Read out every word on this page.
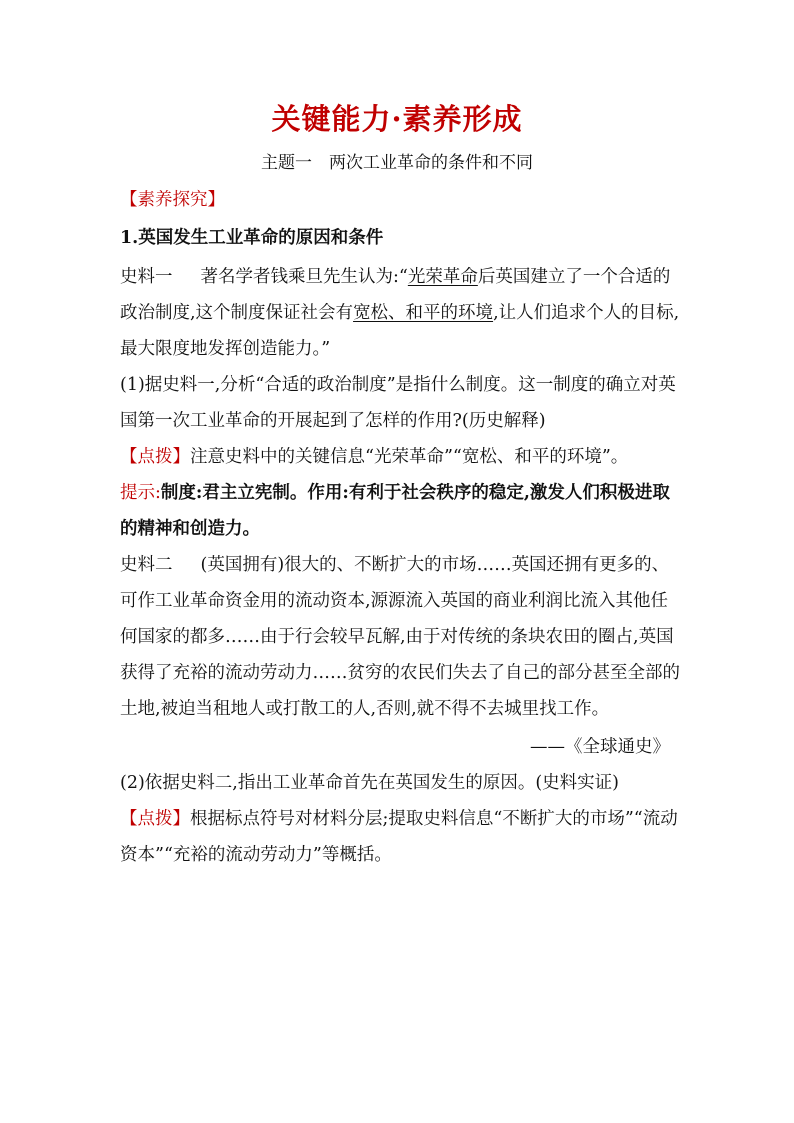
关键能力·素养形成
主题一　两次工业革命的条件和不同
【素养探究】
1.英国发生工业革命的原因和条件

史料一 著名学者钱乘旦先生认为:“光荣革命后英国建立了一个合适的政治制度,这个制度保证社会有宽松、和平的环境,让人们追求个人的目标,最大限度地发挥创造能力。”

(1)据史料一,分析“合适的政治制度”是指什么制度。这一制度的确立对英国第一次工业革命的开展起到了怎样的作用?(历史解释)

【点拨】注意史料中的关键信息“光荣革命”“宽松、和平的环境”。

提示:制度:君主立宪制。作用:有利于社会秩序的稳定,激发人们积极进取的精神和创造力。

史料二 (英国拥有)很大的、不断扩大的市场……英国还拥有更多的、可作工业革命资金用的流动资本,源源流入英国的商业利润比流入其他任何国家的都多……由于行会较早瓦解,由于对传统的条块农田的圈占,英国获得了充裕的流动劳动力……贫穷的农民们失去了自己的部分甚至全部的土地,被迫当租地人或打散工的人,否则,就不得不去城里找工作。

——《全球通史》

(2)依据史料二,指出工业革命首先在英国发生的原因。(史料实证)

【点拨】根据标点符号对材料分层;提取史料信息“不断扩大的市场”“流动资本”“充裕的流动劳动力”等概括。
